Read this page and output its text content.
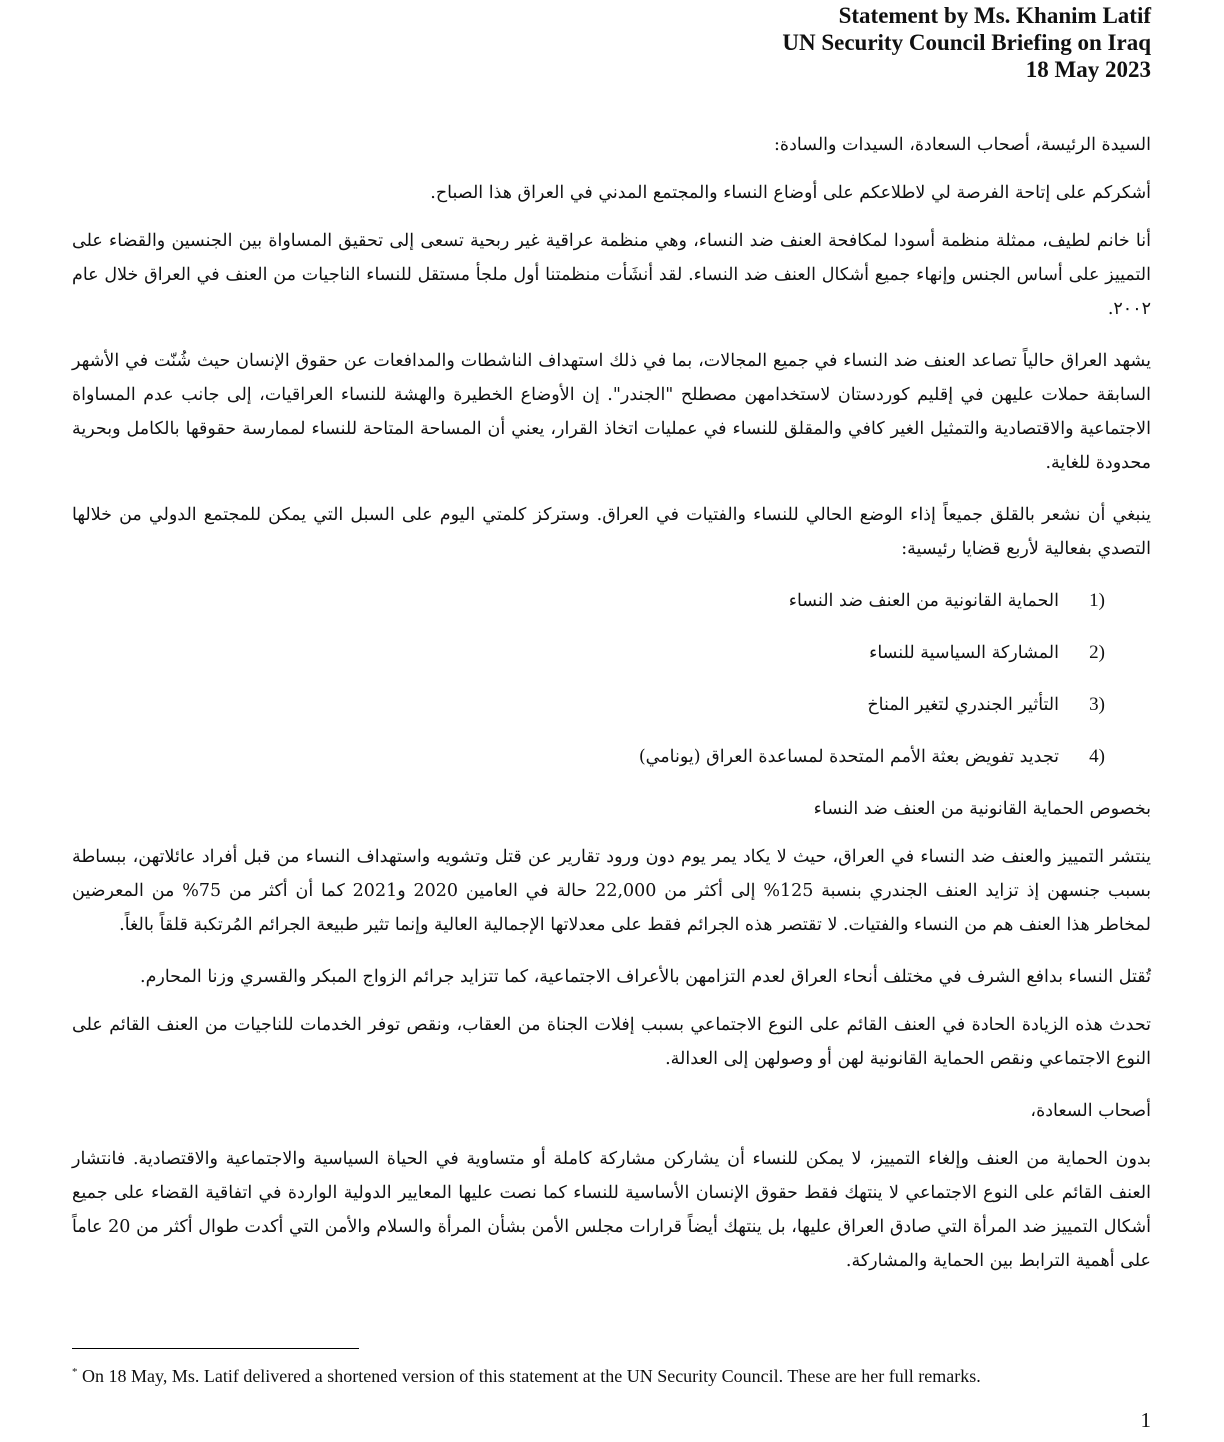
Statement by Ms. Khanim Latif
UN Security Council Briefing on Iraq
18 May 2023

السيدة الرئيسة، أصحاب السعادة، السيدات والسادة:

أشكركم على إتاحة الفرصة لي لاطلاعكم على أوضاع النساء والمجتمع المدني في العراق هذا الصباح.

أنا خانم لطيف، ممثلة منظمة أسودا لمكافحة العنف ضد النساء، وهي منظمة عراقية غير ربحية تسعى إلى تحقيق المساواة بين الجنسين والقضاء على التمييز على أساس الجنس وإنهاء جميع أشكال العنف ضد النساء. لقد أنشَأت منظمتنا أول ملجأ مستقل للنساء الناجيات من العنف في العراق خلال عام ٢٠٠٢.

يشهد العراق حالياً تصاعد العنف ضد النساء في جميع المجالات، بما في ذلك استهداف الناشطات والمدافعات عن حقوق الإنسان حيث شُنّت في الأشهر السابقة حملات عليهن في إقليم كوردستان لاستخدامهن مصطلح "الجندر". إن الأوضاع الخطيرة والهشة للنساء العراقيات، إلى جانب عدم المساواة الاجتماعية والاقتصادية والتمثيل الغير كافي والمقلق للنساء في عمليات اتخاذ القرار، يعني أن المساحة المتاحة للنساء لممارسة حقوقها بالكامل وبحرية محدودة للغاية.

ينبغي أن نشعر بالقلق جميعاً إذاء الوضع الحالي للنساء والفتيات في العراق. وستركز كلمتي اليوم على السبل التي يمكن للمجتمع الدولي من خلالها التصدي بفعالية لأربع قضايا رئيسية:

1)
الحماية القانونية من العنف ضد النساء
2)
المشاركة السياسية للنساء
3)
التأثير الجندري لتغير المناخ
4)
تجديد تفويض بعثة الأمم المتحدة لمساعدة العراق (يونامي)

بخصوص الحماية القانونية من العنف ضد النساء

ينتشر التمييز والعنف ضد النساء في العراق، حيث لا يكاد يمر يوم دون ورود تقارير عن قتل وتشويه واستهداف النساء من قبل أفراد عائلاتهن، ببساطة بسبب جنسهن إذ تزايد العنف الجندري بنسبة 125% إلى أكثر من 22,000 حالة في العامين 2020 و2021 كما أن أكثر من 75% من المعرضين لمخاطر هذا العنف هم من النساء والفتيات. لا تقتصر هذه الجرائم فقط على معدلاتها الإجمالية العالية وإنما تثير طبيعة الجرائم المُرتكبة قلقاً بالغاً.

تُقتل النساء بدافع الشرف في مختلف أنحاء العراق لعدم التزامهن بالأعراف الاجتماعية، كما تتزايد جرائم الزواج المبكر والقسري وزنا المحارم.

تحدث هذه الزيادة الحادة في العنف القائم على النوع الاجتماعي بسبب إفلات الجناة من العقاب، ونقص توفر الخدمات للناجيات من العنف القائم على النوع الاجتماعي ونقص الحماية القانونية لهن أو وصولهن إلى العدالة.

أصحاب السعادة،

بدون الحماية من العنف وإلغاء التمييز، لا يمكن للنساء أن يشاركن مشاركة كاملة أو متساوية في الحياة السياسية والاجتماعية والاقتصادية. فانتشار العنف القائم على النوع الاجتماعي لا ينتهك فقط حقوق الإنسان الأساسية للنساء كما نصت عليها المعايير الدولية الواردة في اتفاقية القضاء على جميع أشكال التمييز ضد المرأة التي صادق العراق عليها، بل ينتهك أيضاً قرارات مجلس الأمن بشأن المرأة والسلام والأمن التي أكدت طوال أكثر من 20 عاماً على أهمية الترابط بين الحماية والمشاركة.

* On 18 May, Ms. Latif delivered a shortened version of this statement at the UN Security Council. These are her full remarks.
1
